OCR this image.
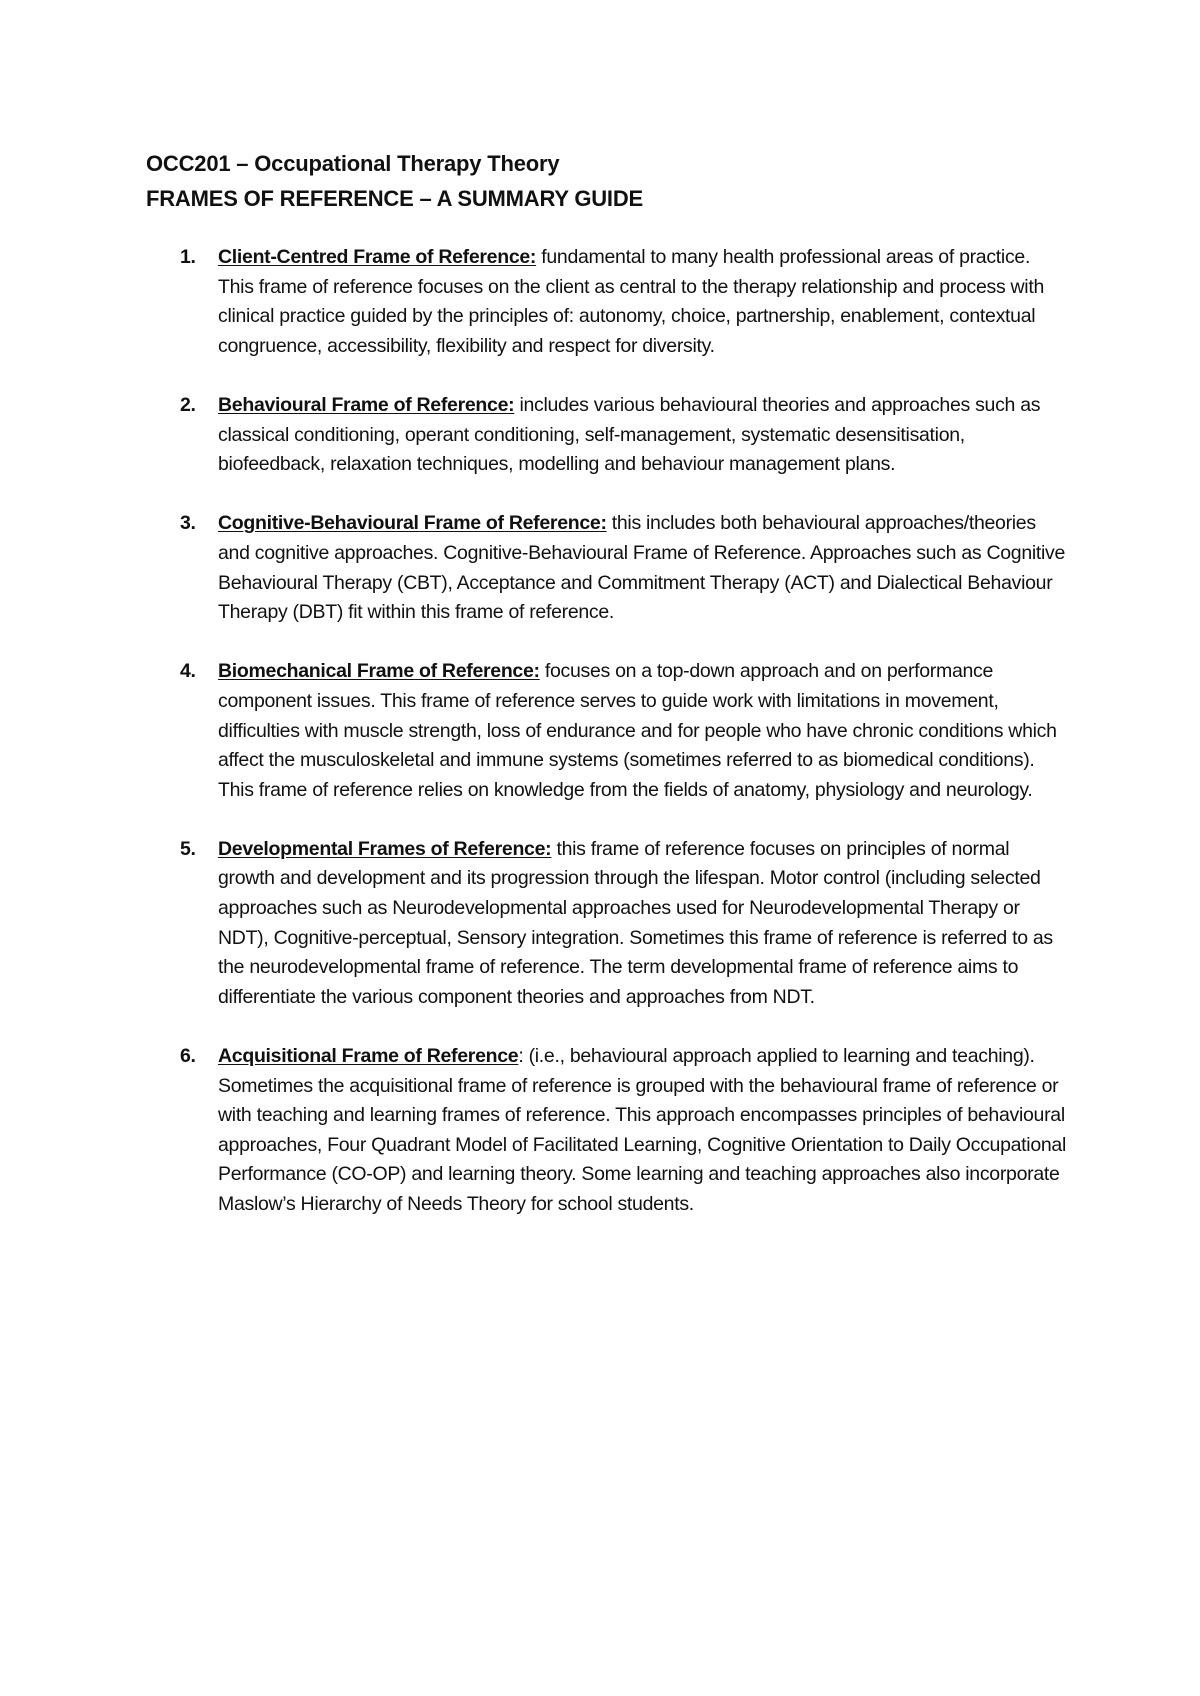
OCC201 – Occupational Therapy Theory

FRAMES OF REFERENCE – A SUMMARY GUIDE

1. Client-Centred Frame of Reference: fundamental to many health professional areas of practice. This frame of reference focuses on the client as central to the therapy relationship and process with clinical practice guided by the principles of: autonomy, choice, partnership, enablement, contextual congruence, accessibility, flexibility and respect for diversity.
2. Behavioural Frame of Reference: includes various behavioural theories and approaches such as classical conditioning, operant conditioning, self-management, systematic desensitisation, biofeedback, relaxation techniques, modelling and behaviour management plans.
3. Cognitive-Behavioural Frame of Reference: this includes both behavioural approaches/theories and cognitive approaches. Cognitive-Behavioural Frame of Reference. Approaches such as Cognitive Behavioural Therapy (CBT), Acceptance and Commitment Therapy (ACT) and Dialectical Behaviour Therapy (DBT) fit within this frame of reference.
4. Biomechanical Frame of Reference: focuses on a top-down approach and on performance component issues. This frame of reference serves to guide work with limitations in movement, difficulties with muscle strength, loss of endurance and for people who have chronic conditions which affect the musculoskeletal and immune systems (sometimes referred to as biomedical conditions). This frame of reference relies on knowledge from the fields of anatomy, physiology and neurology.
5. Developmental Frames of Reference: this frame of reference focuses on principles of normal growth and development and its progression through the lifespan. Motor control (including selected approaches such as Neurodevelopmental approaches used for Neurodevelopmental Therapy or NDT), Cognitive-perceptual, Sensory integration. Sometimes this frame of reference is referred to as the neurodevelopmental frame of reference. The term developmental frame of reference aims to differentiate the various component theories and approaches from NDT.
6. Acquisitional Frame of Reference: (i.e., behavioural approach applied to learning and teaching). Sometimes the acquisitional frame of reference is grouped with the behavioural frame of reference or with teaching and learning frames of reference. This approach encompasses principles of behavioural approaches, Four Quadrant Model of Facilitated Learning, Cognitive Orientation to Daily Occupational Performance (CO-OP) and learning theory. Some learning and teaching approaches also incorporate Maslow’s Hierarchy of Needs Theory for school students.
